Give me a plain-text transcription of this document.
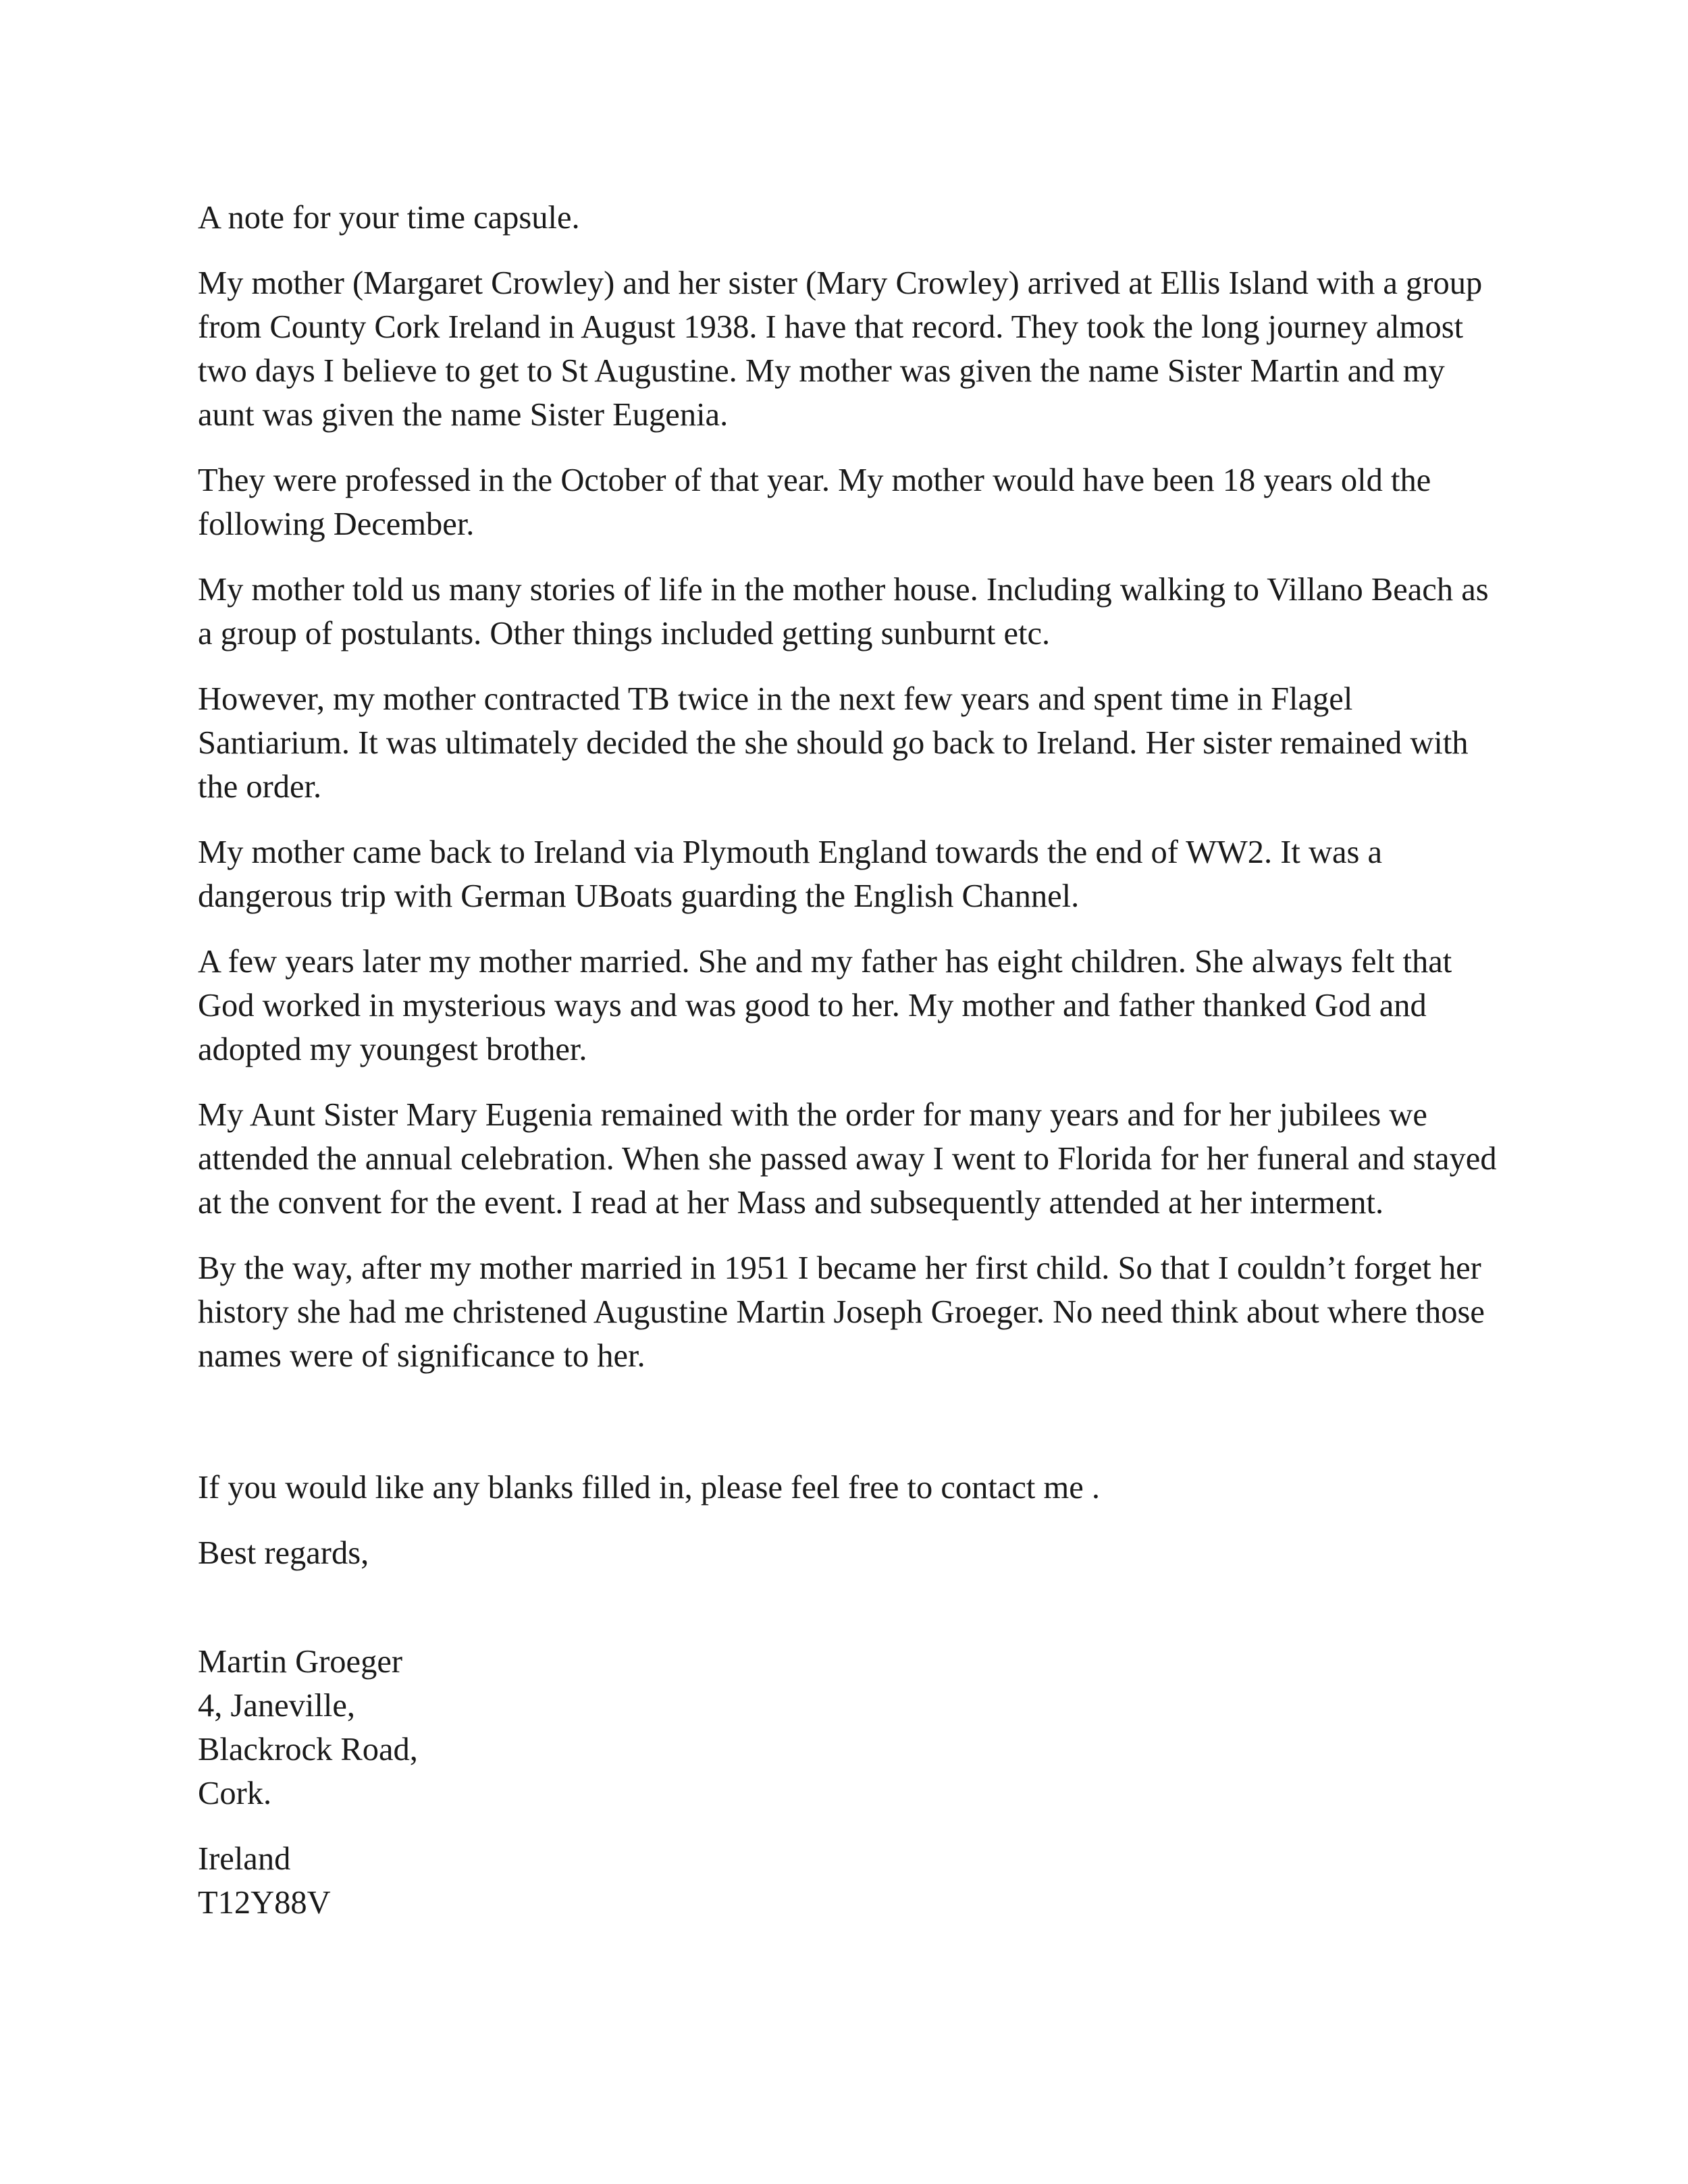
A note for your time capsule.

My mother (Margaret Crowley) and her sister (Mary Crowley) arrived at Ellis Island with a group from County Cork Ireland in August 1938. I have that record. They took the long journey almost two days I believe to get to St Augustine. My mother was given the name Sister Martin and my aunt was given the name Sister Eugenia.

They were professed in the October of that year. My mother would have been 18 years old the following December.

My mother told us many stories of life in the mother house. Including walking to Villano Beach as a group of postulants. Other things included getting sunburnt etc.

However, my mother contracted TB twice in the next few years and spent time in Flagel Santiarium. It was ultimately decided the she should go back to Ireland. Her sister remained with the order.

My mother came back to Ireland via Plymouth England towards the end of WW2. It was a dangerous trip with German UBoats guarding the English Channel.

A few years later my mother married. She and my father has eight children. She always felt that God worked in mysterious ways and was good to her. My mother and father thanked God and adopted my youngest brother.

My Aunt Sister Mary Eugenia remained with the order for many years and for her jubilees we attended the annual celebration. When she passed away I went to Florida for her funeral and stayed at the convent for the event. I read at her Mass and subsequently attended at her interment.

By the way, after my mother married in 1951 I became her first child. So that I couldn’t forget her history she had me christened Augustine Martin Joseph Groeger. No need think about where those names were of significance to her.

If you would like any blanks filled in, please feel free to contact me .

Best regards,

Martin Groeger
4, Janeville,
Blackrock Road,
Cork.

Ireland
T12Y88V
